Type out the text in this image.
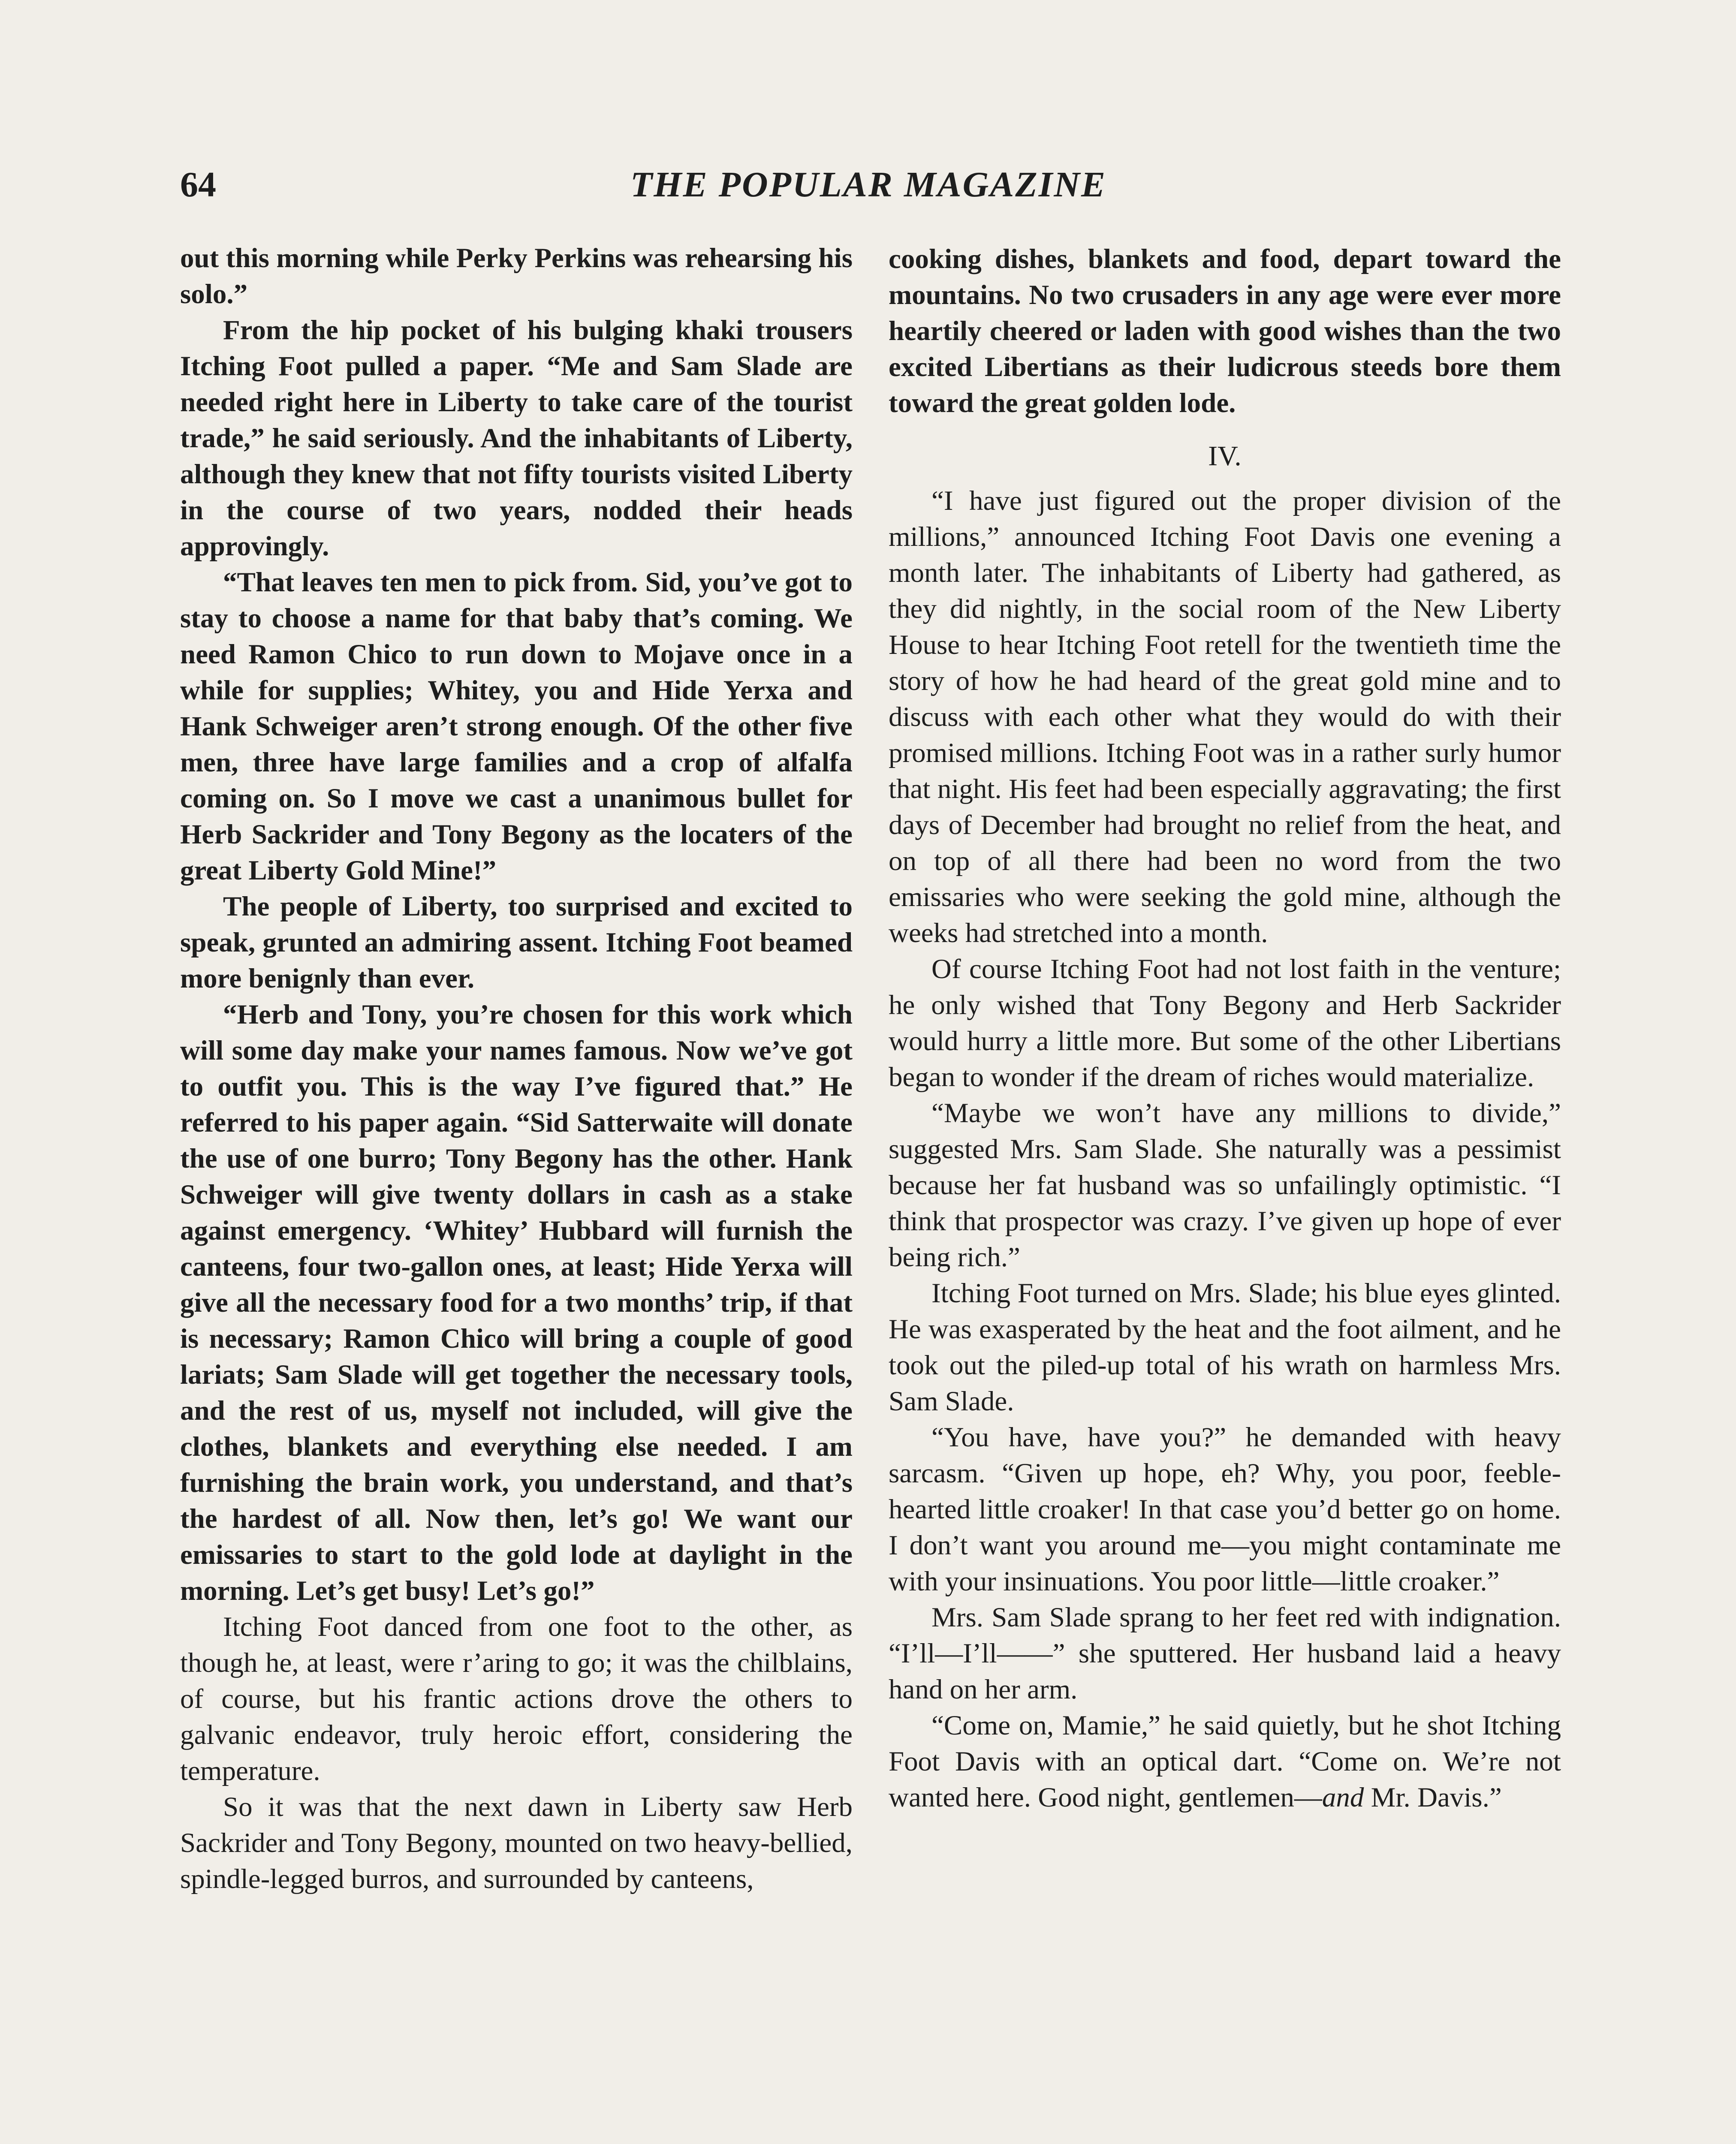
64	THE POPULAR MAGAZINE

out this morning while Perky Perkins was rehearsing his solo.”

From the hip pocket of his bulging khaki trousers Itching Foot pulled a paper. “Me and Sam Slade are needed right here in Liberty to take care of the tourist trade,” he said seriously. And the inhabitants of Liberty, although they knew that not fifty tourists visited Liberty in the course of two years, nodded their heads approvingly.

“That leaves ten men to pick from. Sid, you’ve got to stay to choose a name for that baby that’s coming. We need Ramon Chico to run down to Mojave once in a while for supplies; Whitey, you and Hide Yerxa and Hank Schweiger aren’t strong enough. Of the other five men, three have large families and a crop of alfalfa coming on. So I move we cast a unanimous bullet for Herb Sackrider and Tony Begony as the locaters of the great Liberty Gold Mine!”

The people of Liberty, too surprised and excited to speak, grunted an admiring assent. Itching Foot beamed more benignly than ever.

“Herb and Tony, you’re chosen for this work which will some day make your names famous. Now we’ve got to outfit you. This is the way I’ve figured that.” He referred to his paper again. “Sid Satterwaite will donate the use of one burro; Tony Begony has the other. Hank Schweiger will give twenty dollars in cash as a stake against emergency. ‘Whitey’ Hubbard will furnish the canteens, four two-gallon ones, at least; Hide Yerxa will give all the necessary food for a two months’ trip, if that is necessary; Ramon Chico will bring a couple of good lariats; Sam Slade will get together the necessary tools, and the rest of us, myself not included, will give the clothes, blankets and everything else needed. I am furnishing the brain work, you understand, and that’s the hardest of all. Now then, let’s go! We want our emissaries to start to the gold lode at daylight in the morning. Let’s get busy! Let’s go!”

Itching Foot danced from one foot to the other, as though he, at least, were r’aring to go; it was the chilblains, of course, but his frantic actions drove the others to galvanic endeavor, truly heroic effort, considering the temperature.

So it was that the next dawn in Liberty saw Herb Sackrider and Tony Begony, mounted on two heavy-bellied, spindle-legged burros, and surrounded by canteens,

cooking dishes, blankets and food, depart toward the mountains. No two crusaders in any age were ever more heartily cheered or laden with good wishes than the two excited Libertians as their ludicrous steeds bore them toward the great golden lode.

IV.

“I have just figured out the proper division of the millions,” announced Itching Foot Davis one evening a month later. The inhabitants of Liberty had gathered, as they did nightly, in the social room of the New Liberty House to hear Itching Foot retell for the twentieth time the story of how he had heard of the great gold mine and to discuss with each other what they would do with their promised millions. Itching Foot was in a rather surly humor that night. His feet had been especially aggravating; the first days of December had brought no relief from the heat, and on top of all there had been no word from the two emissaries who were seeking the gold mine, although the weeks had stretched into a month.

Of course Itching Foot had not lost faith in the venture; he only wished that Tony Begony and Herb Sackrider would hurry a little more. But some of the other Libertians began to wonder if the dream of riches would materialize.

“Maybe we won’t have any millions to divide,” suggested Mrs. Sam Slade. She naturally was a pessimist because her fat husband was so unfailingly optimistic. “I think that prospector was crazy. I’ve given up hope of ever being rich.”

Itching Foot turned on Mrs. Slade; his blue eyes glinted. He was exasperated by the heat and the foot ailment, and he took out the piled-up total of his wrath on harmless Mrs. Sam Slade.

“You have, have you?” he demanded with heavy sarcasm. “Given up hope, eh? Why, you poor, feeble-hearted little croaker! In that case you’d better go on home. I don’t want you around me—you might contaminate me with your insinuations. You poor little—little croaker.”

Mrs. Sam Slade sprang to her feet red with indignation. “I’ll—I’ll——” she sputtered. Her husband laid a heavy hand on her arm.

“Come on, Mamie,” he said quietly, but he shot Itching Foot Davis with an optical dart. “Come on. We’re not wanted here. Good night, gentlemen—and Mr. Davis.”
